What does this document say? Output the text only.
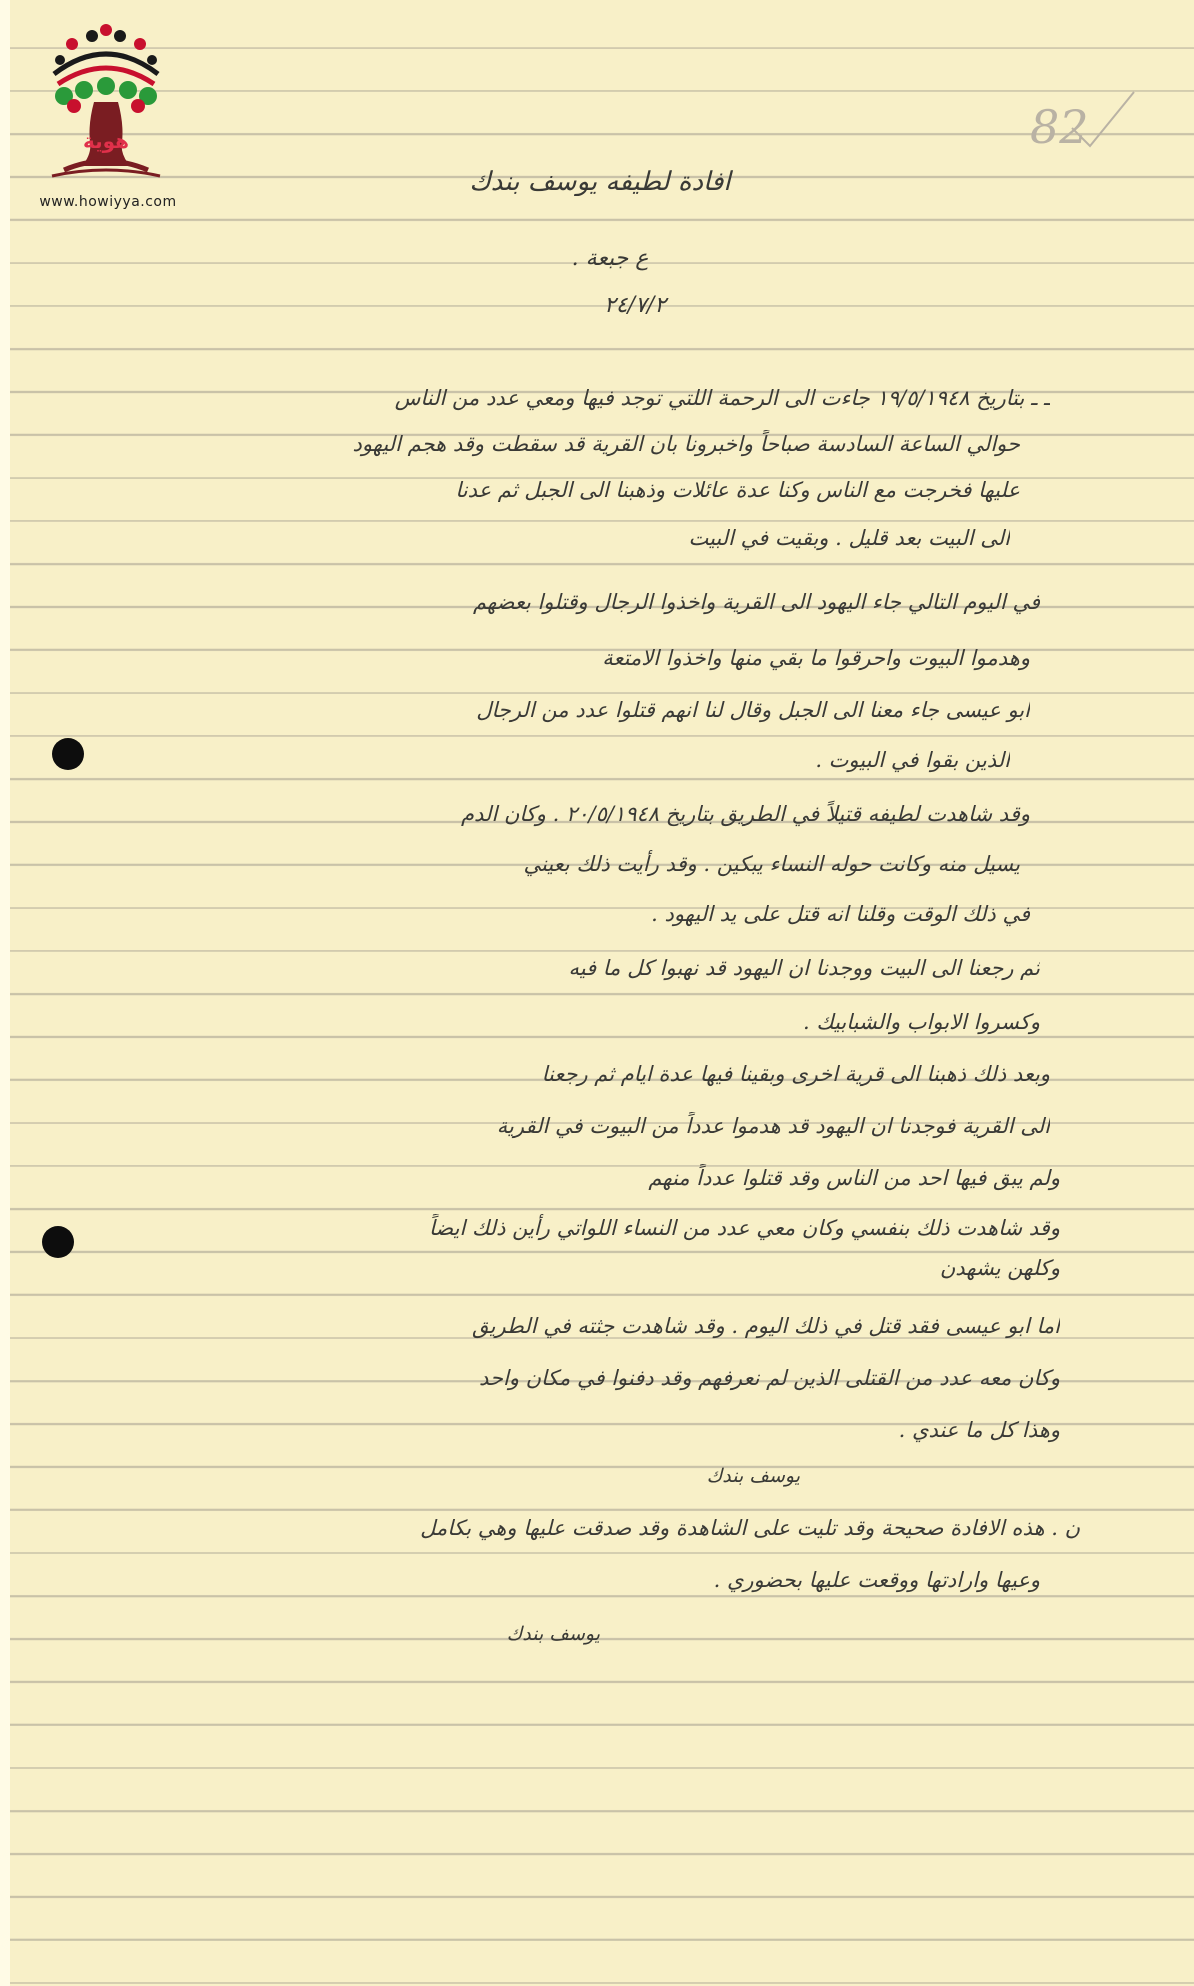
هوية
www.howiyya.com
82
افادة لطيفه يوسف بندك
ع جبعة .
٢٤/٧/٢
ـ ـ بتاريخ ١٩/٥/١٩٤٨ جاءت الى الرحمة اللتي توجد فيها ومعي عدد من الناس
حوالي الساعة السادسة صباحاً واخبرونا بان القرية قد سقطت وقد هجم اليهود
عليها فخرجت مع الناس وكنا عدة عائلات وذهبنا الى الجبل ثم عدنا
الى البيت بعد قليل . وبقيت في البيت
في اليوم التالي جاء اليهود الى القرية واخذوا الرجال وقتلوا بعضهم
وهدموا البيوت واحرقوا ما بقي منها واخذوا الامتعة
ابو عيسى جاء معنا الى الجبل وقال لنا انهم قتلوا عدد من الرجال
الذين بقوا في البيوت .
وقد شاهدت لطيفه قتيلاً في الطريق بتاريخ ٢٠/٥/١٩٤٨ . وكان الدم
يسيل منه وكانت حوله النساء يبكين . وقد رأيت ذلك بعيني
في ذلك الوقت وقلنا انه قتل على يد اليهود .
ثم رجعنا الى البيت ووجدنا ان اليهود قد نهبوا كل ما فيه
وكسروا الابواب والشبابيك .
وبعد ذلك ذهبنا الى قرية اخرى وبقينا فيها عدة ايام ثم رجعنا
الى القرية فوجدنا ان اليهود قد هدموا عدداً من البيوت في القرية
ولم يبق فيها احد من الناس وقد قتلوا عدداً منهم
وقد شاهدت ذلك بنفسي وكان معي عدد من النساء اللواتي رأين ذلك ايضاً
وكلهن يشهدن
اما ابو عيسى فقد قتل في ذلك اليوم . وقد شاهدت جثته في الطريق
وكان معه عدد من القتلى الذين لم نعرفهم وقد دفنوا في مكان واحد
وهذا كل ما عندي .
يوسف بندك
ن . هذه الافادة صحيحة وقد تليت على الشاهدة وقد صدقت عليها وهي بكامل
وعيها وارادتها ووقعت عليها بحضوري .
يوسف بندك
